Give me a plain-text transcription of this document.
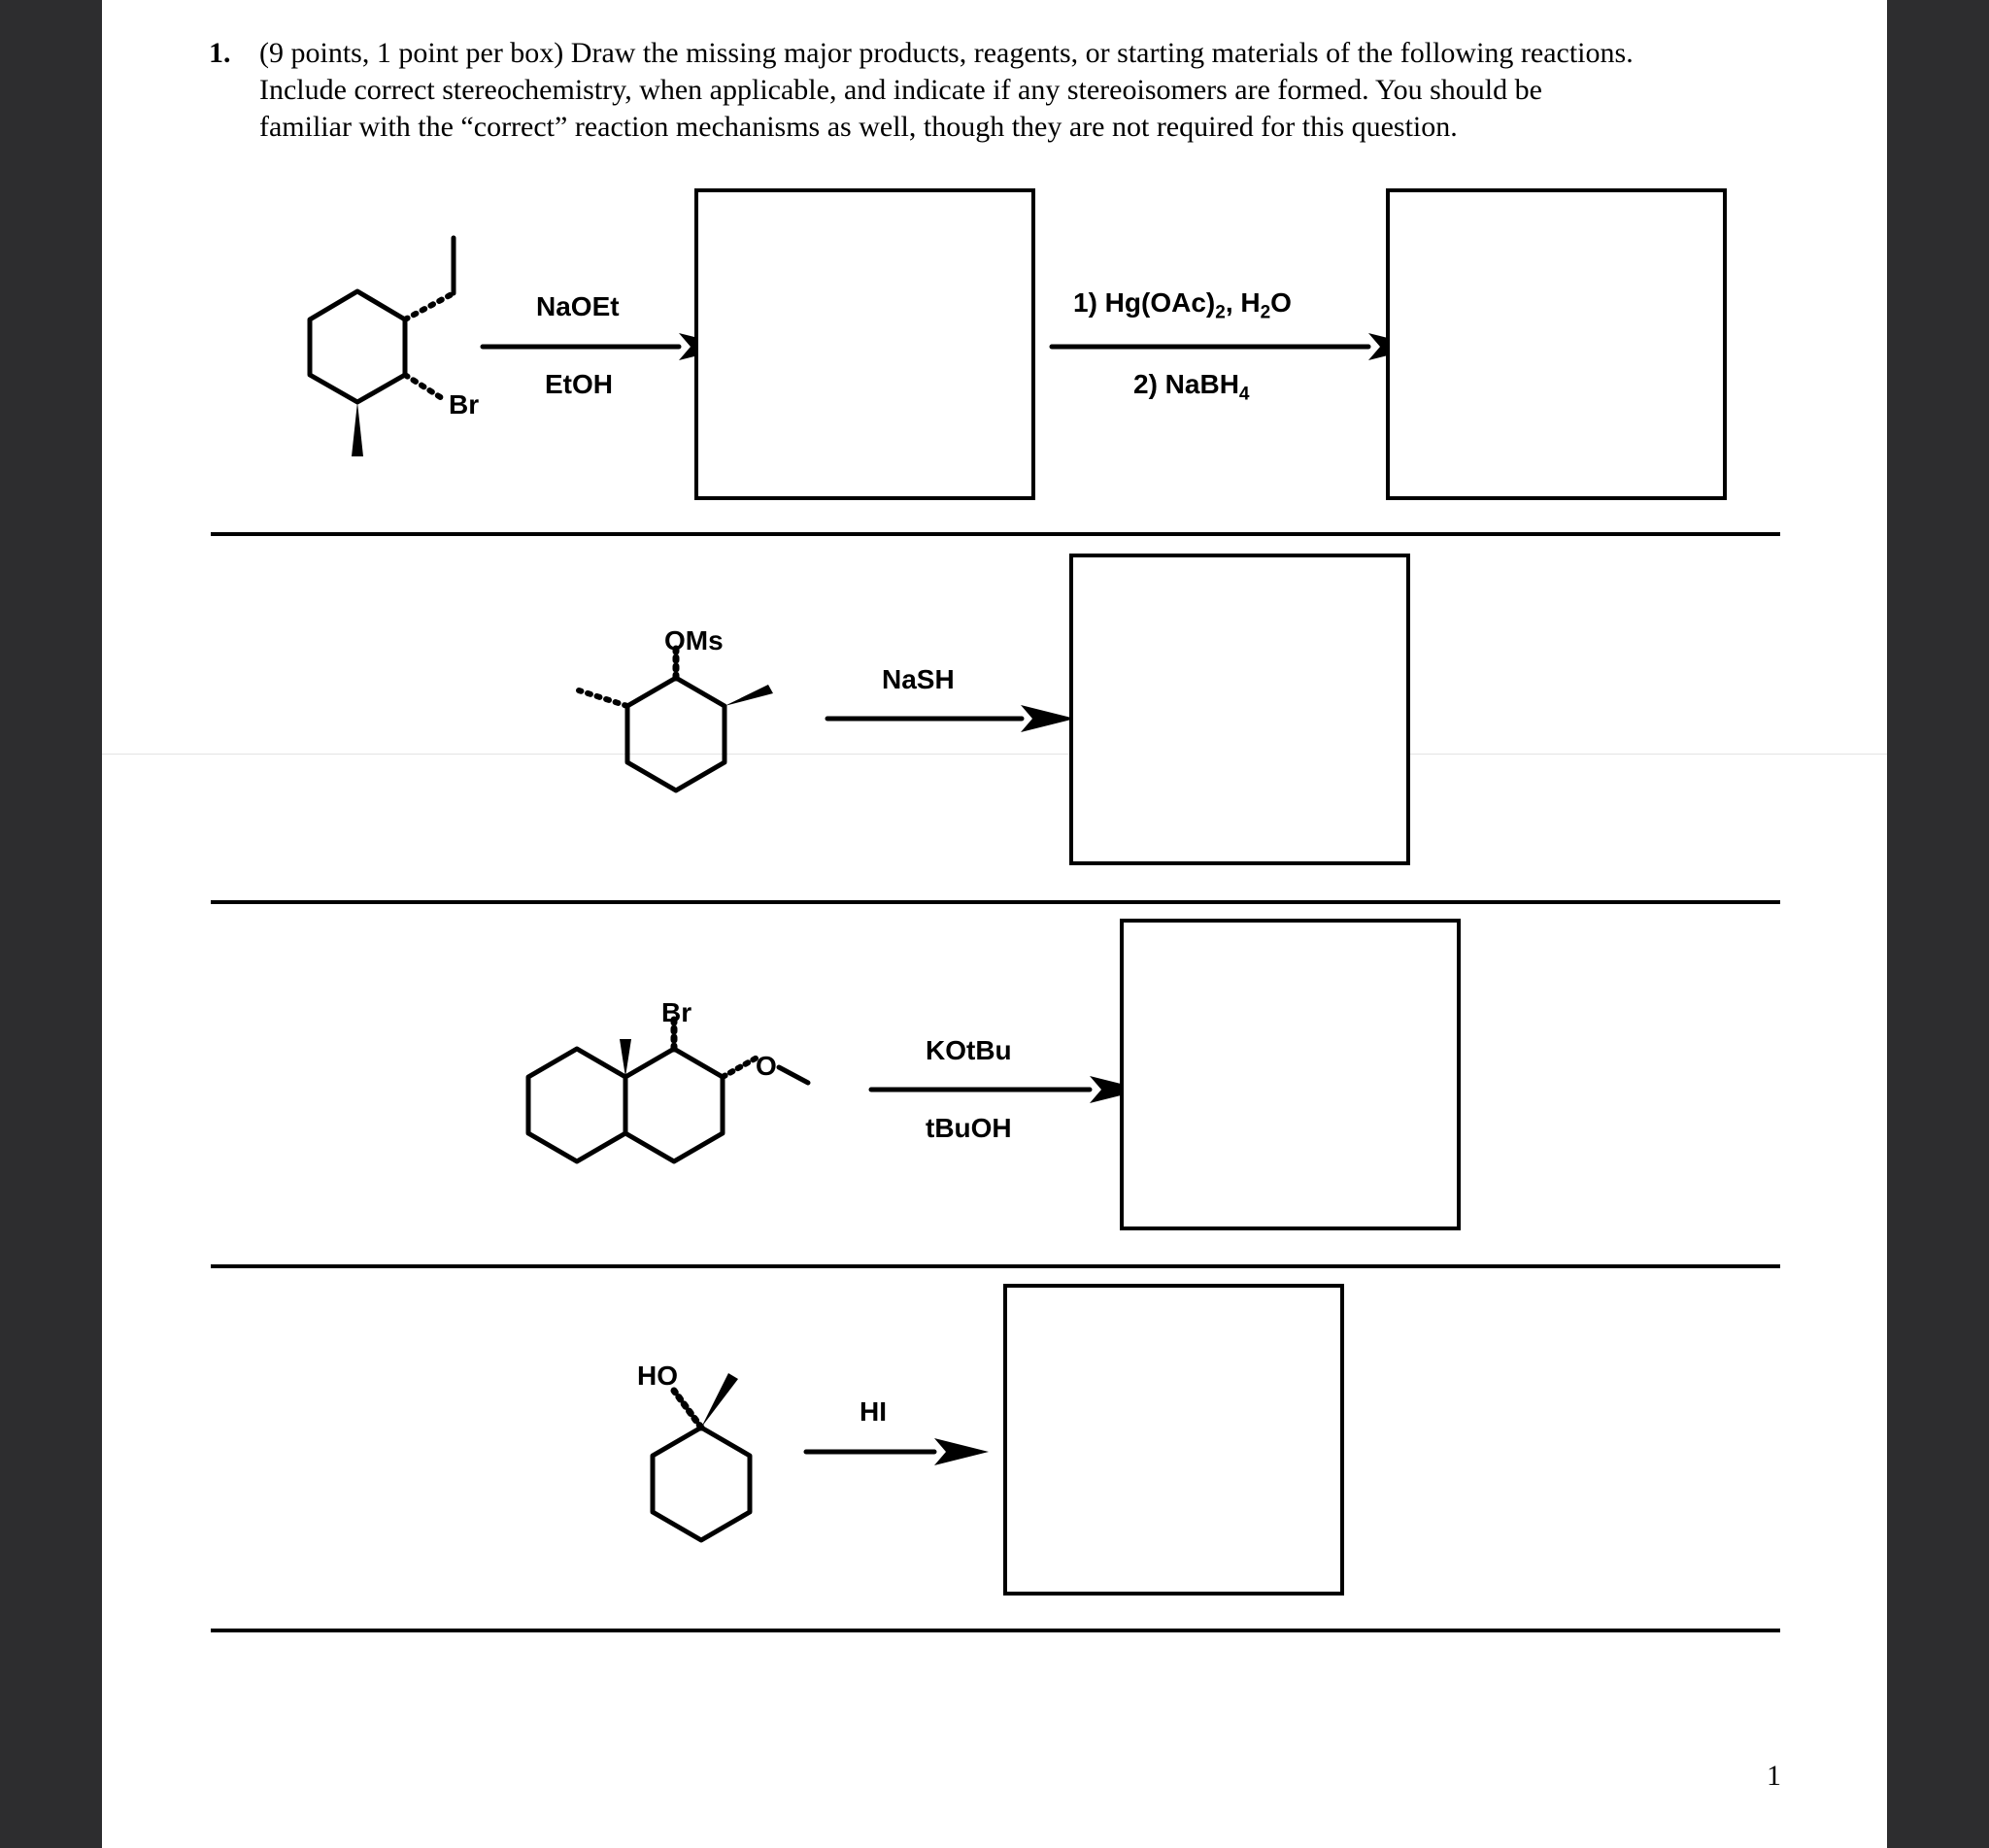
1. (9 points, 1 point per box) Draw the missing major products, reagents, or starting materials of the following reactions.
Include correct stereochemistry, when applicable, and indicate if any stereoisomers are formed. You should be
familiar with the “correct” reaction mechanisms as well, though they are not required for this question.
Br
OMs
Br
O
HO
NaOEt
EtOH
1) $Hg(OAc)_2$, $H_2O$
2) NaBH$_4$
NaSH
KOtBu
tBuOH
HI
1
